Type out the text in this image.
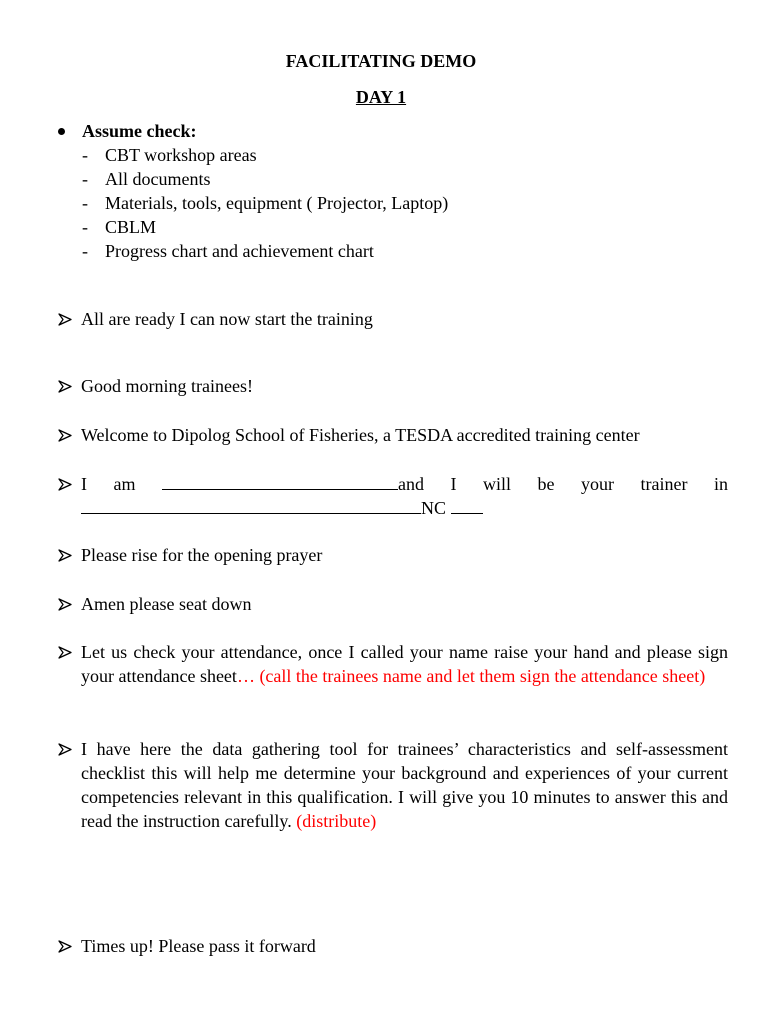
FACILITATING DEMO
DAY 1
Assume check:
- CBT workshop areas
- All documents
- Materials, tools, equipment ( Projector, Laptop)
- CBLM
- Progress chart and achievement chart
All are ready I can now start the training
Good morning trainees!
Welcome to Dipolog School of Fisheries, a TESDA accredited training center
I am	and I will be your trainer in
NC
Please rise for the opening prayer
Amen please seat down
Let us check your attendance, once I called your name raise your hand and please sign your attendance sheet… (call the trainees name and let them sign the attendance sheet)
I have here the data gathering tool for trainees’ characteristics and self-assessment checklist this will help me determine your background and experiences of your current competencies relevant in this qualification. I will give you 10 minutes to answer this and read the instruction carefully. (distribute)
Times up! Please pass it forward
